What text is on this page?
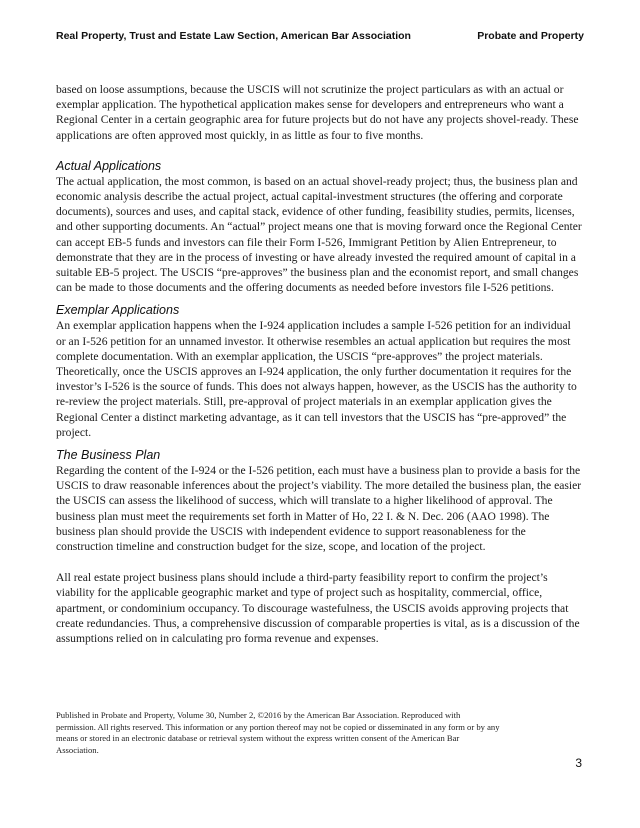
Real Property, Trust and Estate Law Section, American Bar Association	Probate and Property

based on loose assumptions, because the USCIS will not scrutinize the project particulars as with an actual or exemplar application. The hypothetical application makes sense for developers and entrepreneurs who want a Regional Center in a certain geographic area for future projects but do not have any projects shovel-ready. These applications are often approved most quickly, in as little as four to five months.

Actual Applications

The actual application, the most common, is based on an actual shovel-ready project; thus, the business plan and economic analysis describe the actual project, actual capital-investment structures (the offering and corporate documents), sources and uses, and capital stack, evidence of other funding, feasibility studies, permits, licenses, and other supporting documents. An “actual” project means one that is moving forward once the Regional Center can accept EB-5 funds and investors can file their Form I-526, Immigrant Petition by Alien Entrepreneur, to demonstrate that they are in the process of investing or have already invested the required amount of capital in a suitable EB-5 project. The USCIS “pre-approves” the business plan and the economist report, and small changes can be made to those documents and the offering documents as needed before investors file I-526 petitions.

Exemplar Applications

An exemplar application happens when the I-924 application includes a sample I-526 petition for an individual or an I-526 petition for an unnamed investor. It otherwise resembles an actual application but requires the most complete documentation. With an exemplar application, the USCIS “pre-approves” the project materials. Theoretically, once the USCIS approves an I-924 application, the only further documentation it requires for the investor’s I-526 is the source of funds. This does not always happen, however, as the USCIS has the authority to re-review the project materials. Still, pre-approval of project materials in an exemplar application gives the Regional Center a distinct marketing advantage, as it can tell investors that the USCIS has “pre-approved” the project.

The Business Plan

Regarding the content of the I-924 or the I-526 petition, each must have a business plan to provide a basis for the USCIS to draw reasonable inferences about the project’s viability. The more detailed the business plan, the easier the USCIS can assess the likelihood of success, which will translate to a higher likelihood of approval. The business plan must meet the requirements set forth in Matter of Ho, 22 I. & N. Dec. 206 (AAO 1998). The business plan should provide the USCIS with independent evidence to support reasonableness for the construction timeline and construction budget for the size, scope, and location of the project.

All real estate project business plans should include a third-party feasibility report to confirm the project’s viability for the applicable geographic market and type of project such as hospitality, commercial, office, apartment, or condominium occupancy. To discourage wastefulness, the USCIS avoids approving projects that create redundancies. Thus, a comprehensive discussion of comparable properties is vital, as is a discussion of the assumptions relied on in calculating pro forma revenue and expenses.

Published in Probate and Property, Volume 30, Number 2, ©2016 by the American Bar Association. Reproduced with permission. All rights reserved. This information or any portion thereof may not be copied or disseminated in any form or by any means or stored in an electronic database or retrieval system without the express written consent of the American Bar Association.
3
